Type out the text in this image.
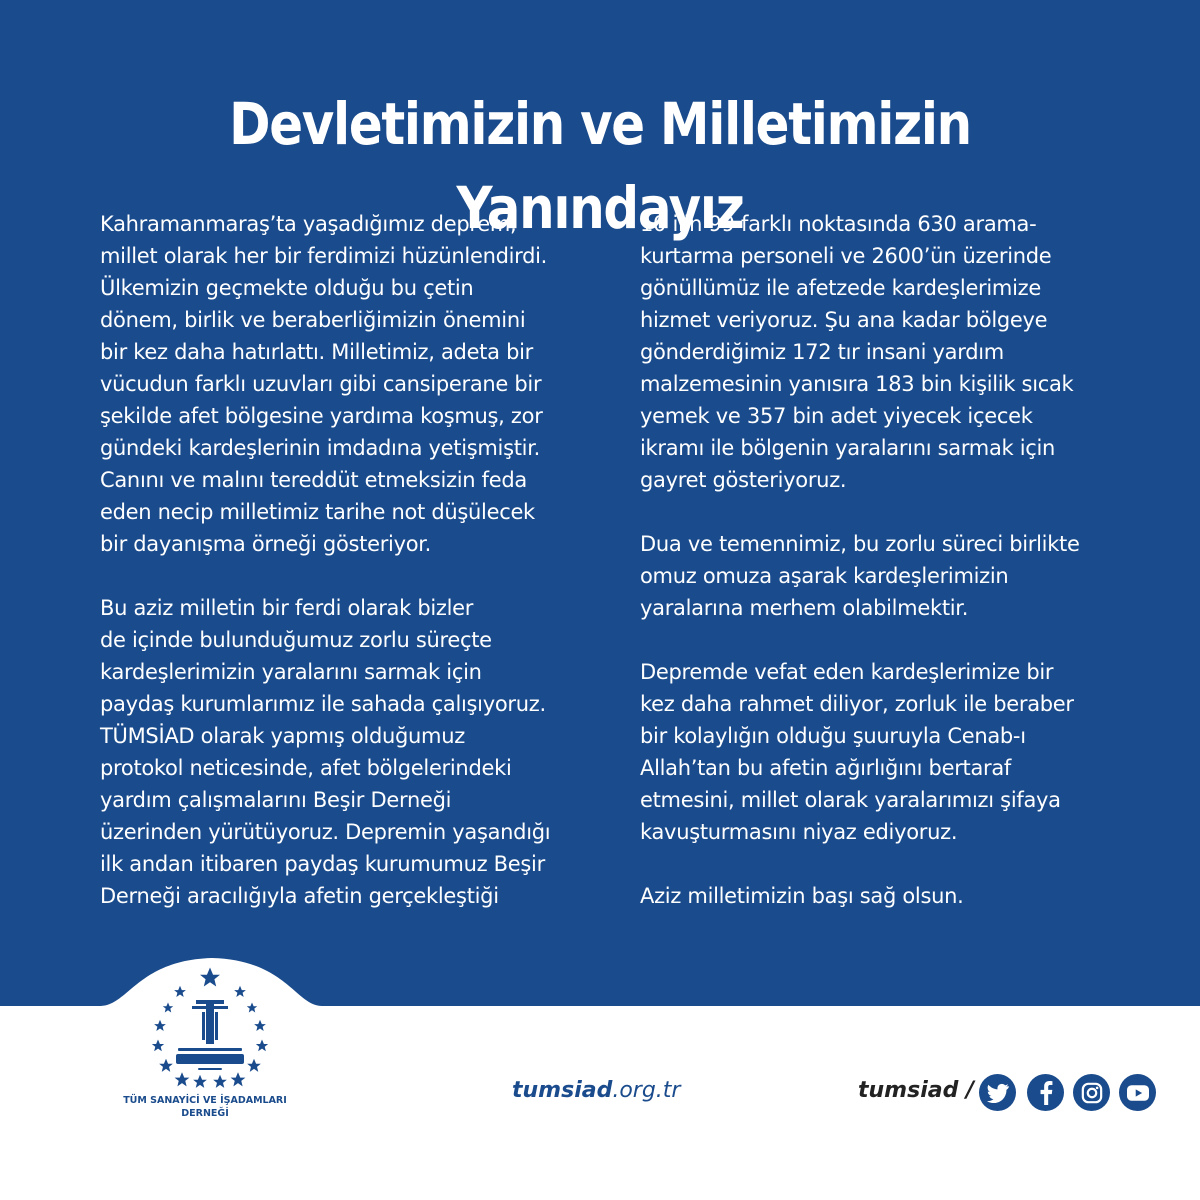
Devletimizin ve Milletimizin Yanındayız

Kahramanmaraş’ta yaşadığımız deprem,
millet olarak her bir ferdimizi hüzünlendirdi.
Ülkemizin geçmekte olduğu bu çetin
dönem, birlik ve beraberliğimizin önemini
bir kez daha hatırlattı. Milletimiz, adeta bir
vücudun farklı uzuvları gibi cansiperane bir
şekilde afet bölgesine yardıma koşmuş, zor
gündeki kardeşlerinin imdadına yetişmiştir.
Canını ve malını tereddüt etmeksizin feda
eden necip milletimiz tarihe not düşülecek
bir dayanışma örneği gösteriyor.

Bu aziz milletin bir ferdi olarak bizler
de içinde bulunduğumuz zorlu süreçte
kardeşlerimizin yaralarını sarmak için
paydaş kurumlarımız ile sahada çalışıyoruz.
TÜMSİAD olarak yapmış olduğumuz
protokol neticesinde, afet bölgelerindeki
yardım çalışmalarını Beşir Derneği
üzerinden yürütüyoruz. Depremin yaşandığı
ilk andan itibaren paydaş kurumumuz Beşir
Derneği aracılığıyla afetin gerçekleştiği

10 ilin 99 farklı noktasında 630 arama-
kurtarma personeli ve 2600’ün üzerinde
gönüllümüz ile afetzede kardeşlerimize
hizmet veriyoruz. Şu ana kadar bölgeye
gönderdiğimiz 172 tır insani yardım
malzemesinin yanısıra 183 bin kişilik sıcak
yemek ve 357 bin adet yiyecek içecek
ikramı ile bölgenin yaralarını sarmak için
gayret gösteriyoruz.

Dua ve temennimiz, bu zorlu süreci birlikte
omuz omuza aşarak kardeşlerimizin
yaralarına merhem olabilmektir.

Depremde vefat eden kardeşlerimize bir
kez daha rahmet diliyor, zorluk ile beraber
bir kolaylığın olduğu şuuruyla Cenab-ı
Allah’tan bu afetin ağırlığını bertaraf
etmesini, millet olarak yaralarımızı şifaya
kavuşturmasını niyaz ediyoruz.

Aziz milletimizin başı sağ olsun.

TÜM SANAYİCİ VE İŞADAMLARI
DERNEĞİ
tumsiad.org.tr	tumsiad /
